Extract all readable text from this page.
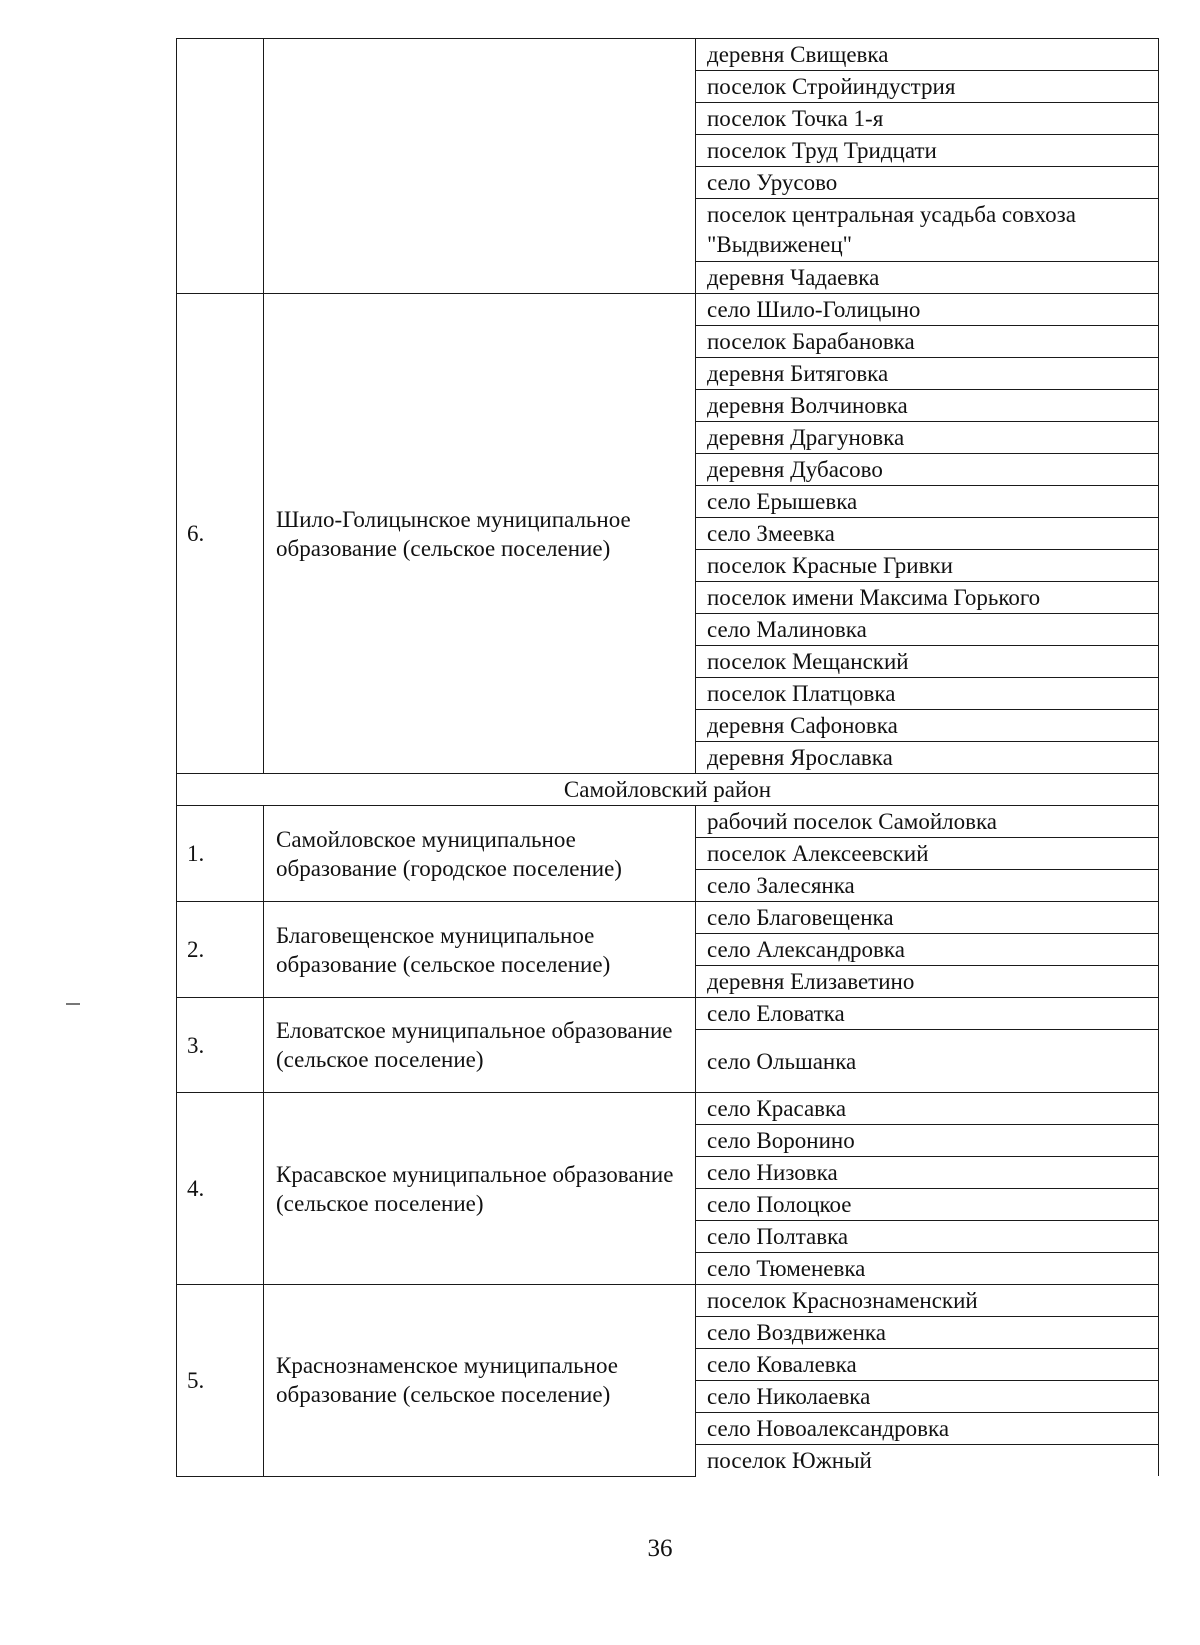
		деревня Свищевка
		поселок Стройиндустрия
		поселок Точка 1-я
		поселок Труд Тридцати
		село Урусово
		поселок центральная усадьба совхоза "Выдвиженец"
		деревня Чадаевка
6.	Шило-Голицынское муниципальное образование (сельское поселение)	село Шило-Голицыно
		поселок Барабановка
		деревня Битяговка
		деревня Волчиновка
		деревня Драгуновка
		деревня Дубасово
		село Ерышевка
		село Змеевка
		поселок Красные Гривки
		поселок имени Максима Горького
		село Малиновка
		поселок Мещанский
		поселок Платцовка
		деревня Сафоновка
		деревня Ярославка
Самойловский район		
1.	Самойловское муниципальное образование (городское поселение)	рабочий поселок Самойловка
		поселок Алексеевский
		село Залесянка
2.	Благовещенское муниципальное образование (сельское поселение)	село Благовещенка
		село Александровка
		деревня Елизаветино
3.	Еловатское муниципальное образование (сельское поселение)	село Еловатка
		село Ольшанка
4.	Красавское муниципальное образование (сельское поселение)	село Красавка
		село Воронино
		село Низовка
		село Полоцкое
		село Полтавка
		село Тюменевка
5.	Краснознаменское муниципальное образование (сельское поселение)	поселок Краснознаменский
		село Воздвиженка
		село Ковалевка
		село Николаевка
		село Новоалександровка
		поселок Южный
36
